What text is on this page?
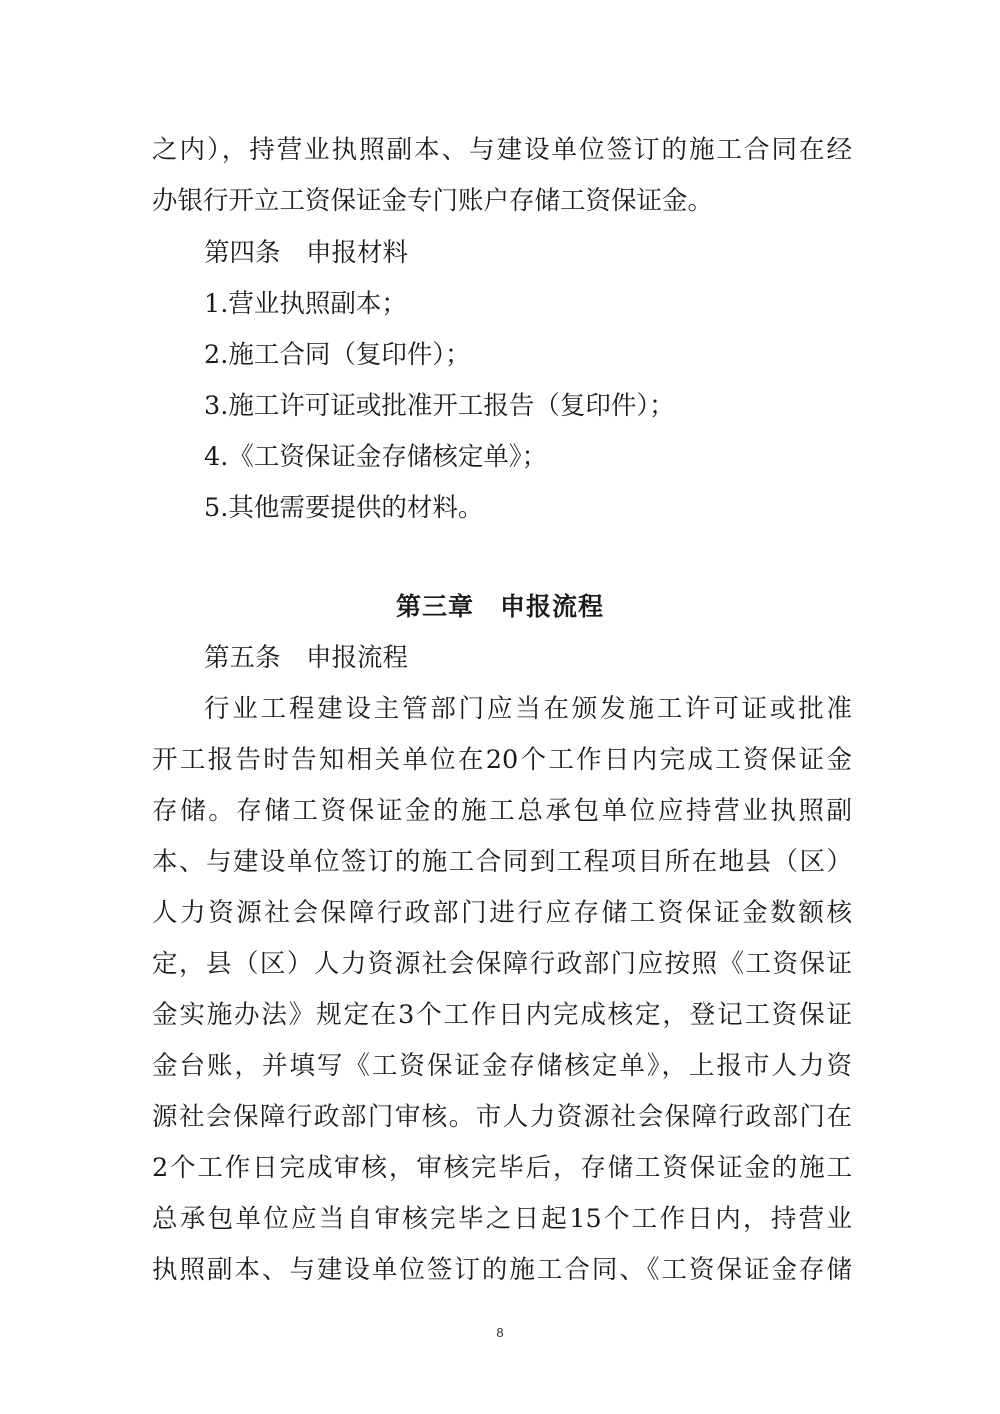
之内），持营业执照副本、与建设单位签订的施工合同在经
办银行开立工资保证金专门账户存储工资保证金。
第四条　申报材料
1.营业执照副本；
2.施工合同（复印件）；
3.施工许可证或批准开工报告（复印件）；
4.《工资保证金存储核定单》；
5.其他需要提供的材料。
第三章　申报流程
第五条　申报流程
行业工程建设主管部门应当在颁发施工许可证或批准
开工报告时告知相关单位在20个工作日内完成工资保证金
存储。存储工资保证金的施工总承包单位应持营业执照副
本、与建设单位签订的施工合同到工程项目所在地县（区）
人力资源社会保障行政部门进行应存储工资保证金数额核
定，县（区）人力资源社会保障行政部门应按照《工资保证
金实施办法》规定在3个工作日内完成核定，登记工资保证
金台账，并填写《工资保证金存储核定单》，上报市人力资
源社会保障行政部门审核。市人力资源社会保障行政部门在
2个工作日完成审核，审核完毕后，存储工资保证金的施工
总承包单位应当自审核完毕之日起15个工作日内，持营业
执照副本、与建设单位签订的施工合同、《工资保证金存储
8
